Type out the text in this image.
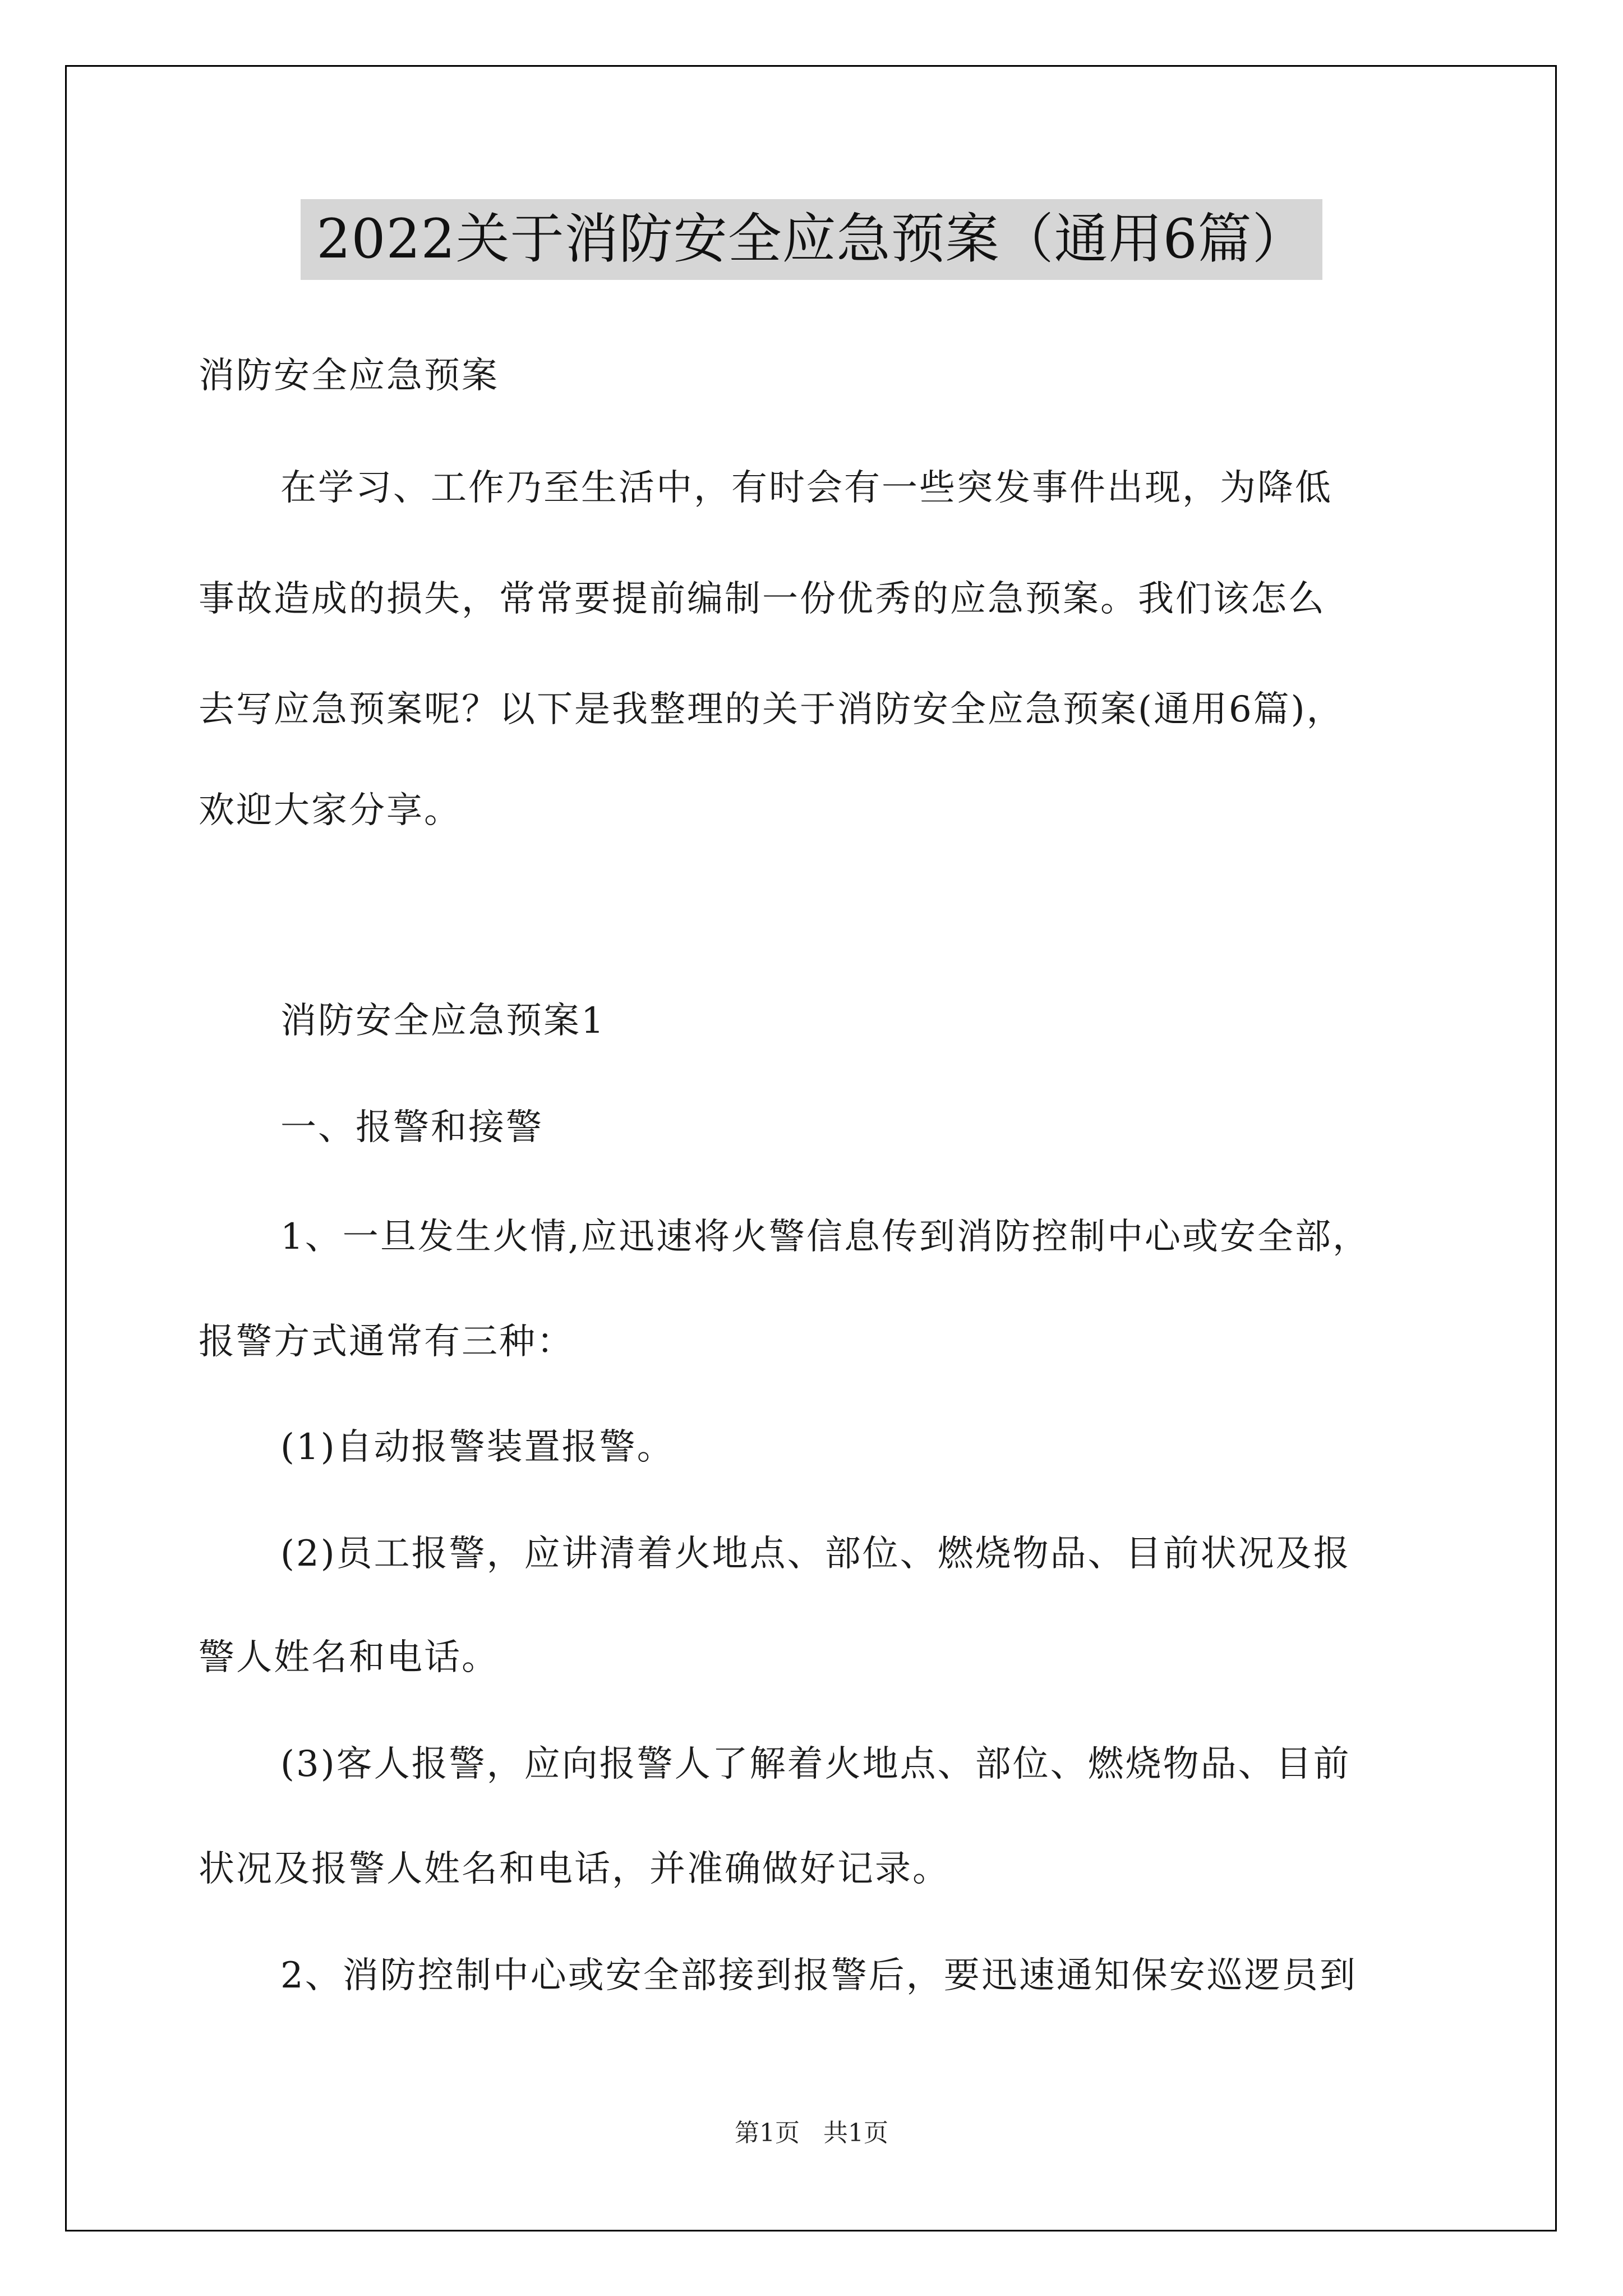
2022关于消防安全应急预案（通用6篇）
消防安全应急预案
在学习、工作乃至生活中，有时会有一些突发事件出现，为降低
事故造成的损失，常常要提前编制一份优秀的应急预案。我们该怎么
去写应急预案呢？以下是我整理的关于消防安全应急预案(通用6篇)，
欢迎大家分享。
消防安全应急预案1
一、报警和接警
1、一旦发生火情,应迅速将火警信息传到消防控制中心或安全部，
报警方式通常有三种：
(1)自动报警装置报警。
(2)员工报警，应讲清着火地点、部位、燃烧物品、目前状况及报
警人姓名和电话。
(3)客人报警，应向报警人了解着火地点、部位、燃烧物品、目前
状况及报警人姓名和电话，并准确做好记录。
2、消防控制中心或安全部接到报警后，要迅速通知保安巡逻员到
第1页   共1页
